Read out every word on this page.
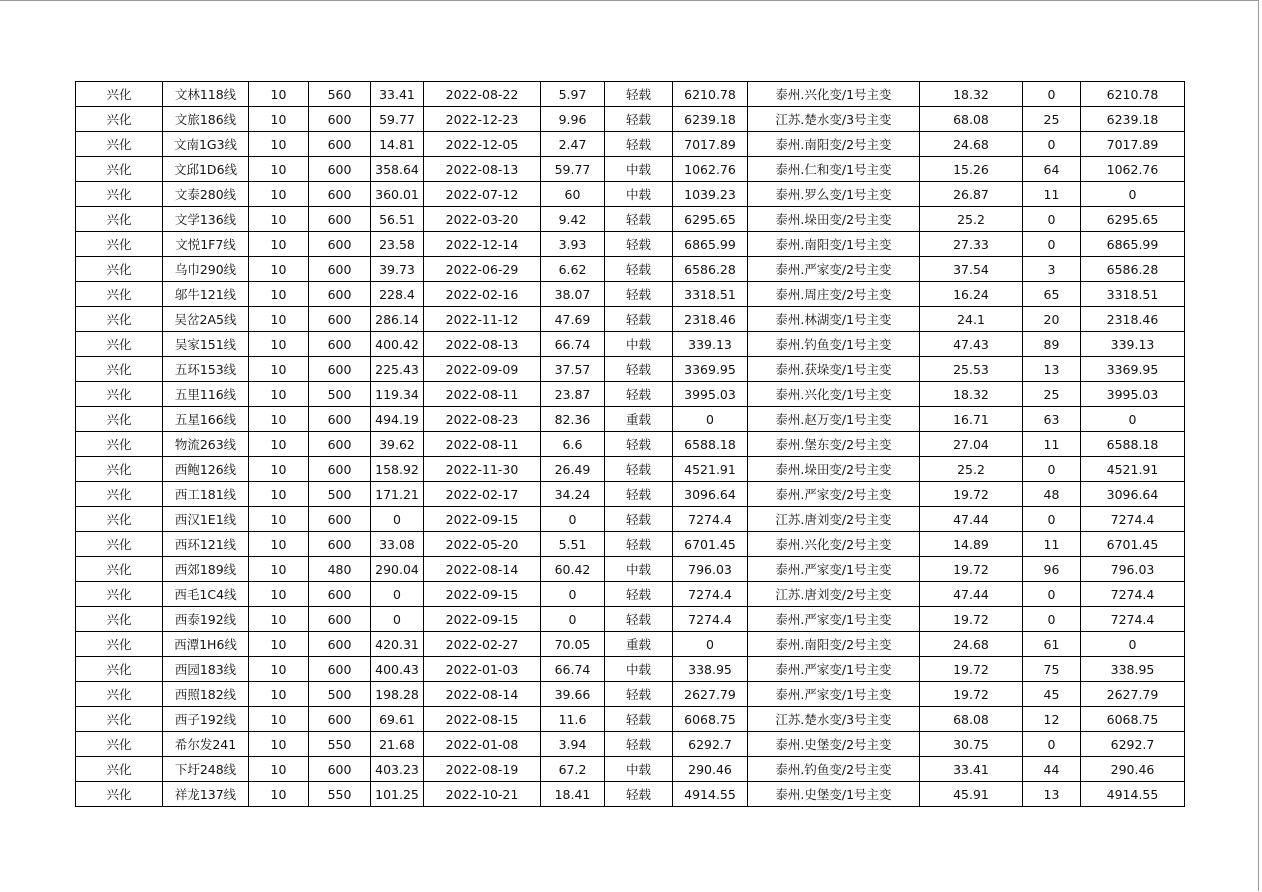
兴化	文林118线	10	560	33.41	2022-08-22	5.97	轻载	6210.78	泰州.兴化变/1号主变	18.32	0	6210.78
兴化	文旅186线	10	600	59.77	2022-12-23	9.96	轻载	6239.18	江苏.楚水变/3号主变	68.08	25	6239.18
兴化	文南1G3线	10	600	14.81	2022-12-05	2.47	轻载	7017.89	泰州.南阳变/2号主变	24.68	0	7017.89
兴化	文邱1D6线	10	600	358.64	2022-08-13	59.77	中载	1062.76	泰州.仁和变/1号主变	15.26	64	1062.76
兴化	文泰280线	10	600	360.01	2022-07-12	60	中载	1039.23	泰州.罗么变/1号主变	26.87	11	0
兴化	文学136线	10	600	56.51	2022-03-20	9.42	轻载	6295.65	泰州.垛田变/2号主变	25.2	0	6295.65
兴化	文悦1F7线	10	600	23.58	2022-12-14	3.93	轻载	6865.99	泰州.南阳变/1号主变	27.33	0	6865.99
兴化	乌巾290线	10	600	39.73	2022-06-29	6.62	轻载	6586.28	泰州.严家变/2号主变	37.54	3	6586.28
兴化	邬牛121线	10	600	228.4	2022-02-16	38.07	轻载	3318.51	泰州.周庄变/2号主变	16.24	65	3318.51
兴化	吴岔2A5线	10	600	286.14	2022-11-12	47.69	轻载	2318.46	泰州.林湖变/1号主变	24.1	20	2318.46
兴化	吴家151线	10	600	400.42	2022-08-13	66.74	中载	339.13	泰州.钓鱼变/1号主变	47.43	89	339.13
兴化	五环153线	10	600	225.43	2022-09-09	37.57	轻载	3369.95	泰州.获垛变/1号主变	25.53	13	3369.95
兴化	五里116线	10	500	119.34	2022-08-11	23.87	轻载	3995.03	泰州.兴化变/1号主变	18.32	25	3995.03
兴化	五星166线	10	600	494.19	2022-08-23	82.36	重载	0	泰州.赵万变/1号主变	16.71	63	0
兴化	物流263线	10	600	39.62	2022-08-11	6.6	轻载	6588.18	泰州.堡东变/2号主变	27.04	11	6588.18
兴化	西鲍126线	10	600	158.92	2022-11-30	26.49	轻载	4521.91	泰州.垛田变/2号主变	25.2	0	4521.91
兴化	西工181线	10	500	171.21	2022-02-17	34.24	轻载	3096.64	泰州.严家变/2号主变	19.72	48	3096.64
兴化	西汉1E1线	10	600	0	2022-09-15	0	轻载	7274.4	江苏.唐刘变/2号主变	47.44	0	7274.4
兴化	西环121线	10	600	33.08	2022-05-20	5.51	轻载	6701.45	泰州.兴化变/2号主变	14.89	11	6701.45
兴化	西郊189线	10	480	290.04	2022-08-14	60.42	中载	796.03	泰州.严家变/1号主变	19.72	96	796.03
兴化	西毛1C4线	10	600	0	2022-09-15	0	轻载	7274.4	江苏.唐刘变/2号主变	47.44	0	7274.4
兴化	西泰192线	10	600	0	2022-09-15	0	轻载	7274.4	泰州.严家变/1号主变	19.72	0	7274.4
兴化	西潭1H6线	10	600	420.31	2022-02-27	70.05	重载	0	泰州.南阳变/2号主变	24.68	61	0
兴化	西园183线	10	600	400.43	2022-01-03	66.74	中载	338.95	泰州.严家变/1号主变	19.72	75	338.95
兴化	西照182线	10	500	198.28	2022-08-14	39.66	轻载	2627.79	泰州.严家变/1号主变	19.72	45	2627.79
兴化	西子192线	10	600	69.61	2022-08-15	11.6	轻载	6068.75	江苏.楚水变/3号主变	68.08	12	6068.75
兴化	希尔发241	10	550	21.68	2022-01-08	3.94	轻载	6292.7	泰州.史堡变/2号主变	30.75	0	6292.7
兴化	下圩248线	10	600	403.23	2022-08-19	67.2	中载	290.46	泰州.钓鱼变/2号主变	33.41	44	290.46
兴化	祥龙137线	10	550	101.25	2022-10-21	18.41	轻载	4914.55	泰州.史堡变/1号主变	45.91	13	4914.55
